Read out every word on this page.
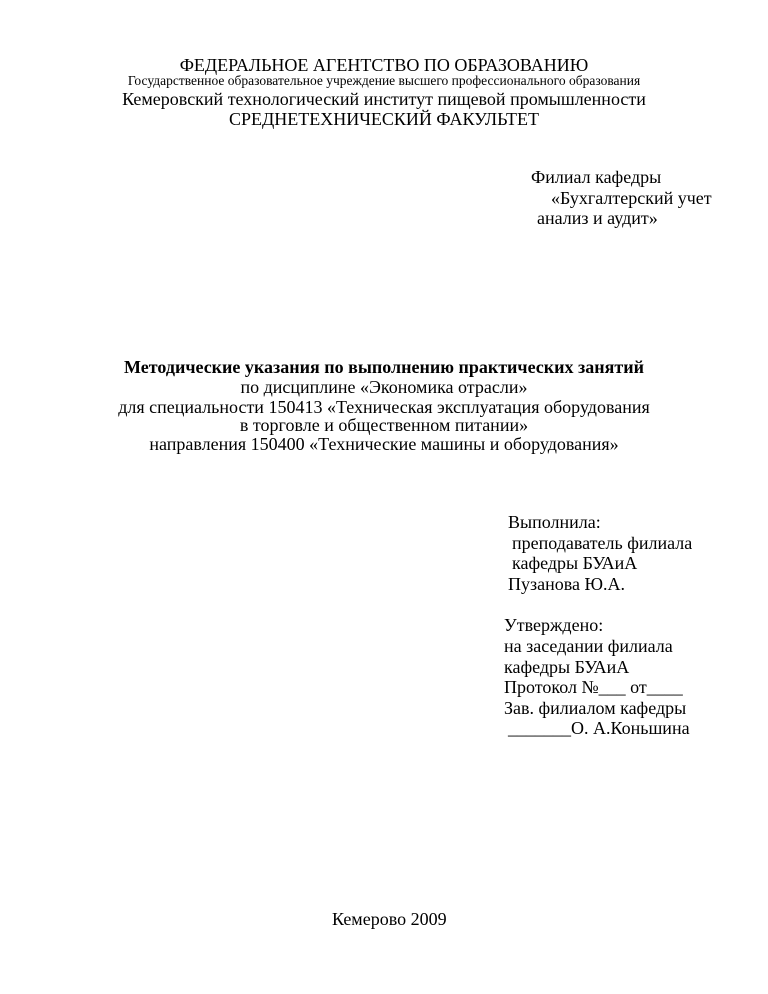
ФЕДЕРАЛЬНОЕ АГЕНТСТВО ПО ОБРАЗОВАНИЮ
Государственное образовательное учреждение высшего профессионального образования
Кемеровский технологический институт пищевой промышленности
СРЕДНЕТЕХНИЧЕСКИЙ ФАКУЛЬТЕТ
Филиал кафедры
«Бухгалтерский учет
анализ и аудит»
Методические указания по выполнению практических занятий
по дисциплине «Экономика отрасли»
для специальности 150413 «Техническая эксплуатация оборудования
в торговле и общественном питании»
направления 150400 «Технические машины и оборудования»
Выполнила:
преподаватель филиала
кафедры БУАиА
Пузанова Ю.А.
Утверждено:
на заседании филиала
кафедры БУАиА
Протокол №___ от____
Зав. филиалом кафедры
_______О. А.Коньшина
Кемерово 2009
